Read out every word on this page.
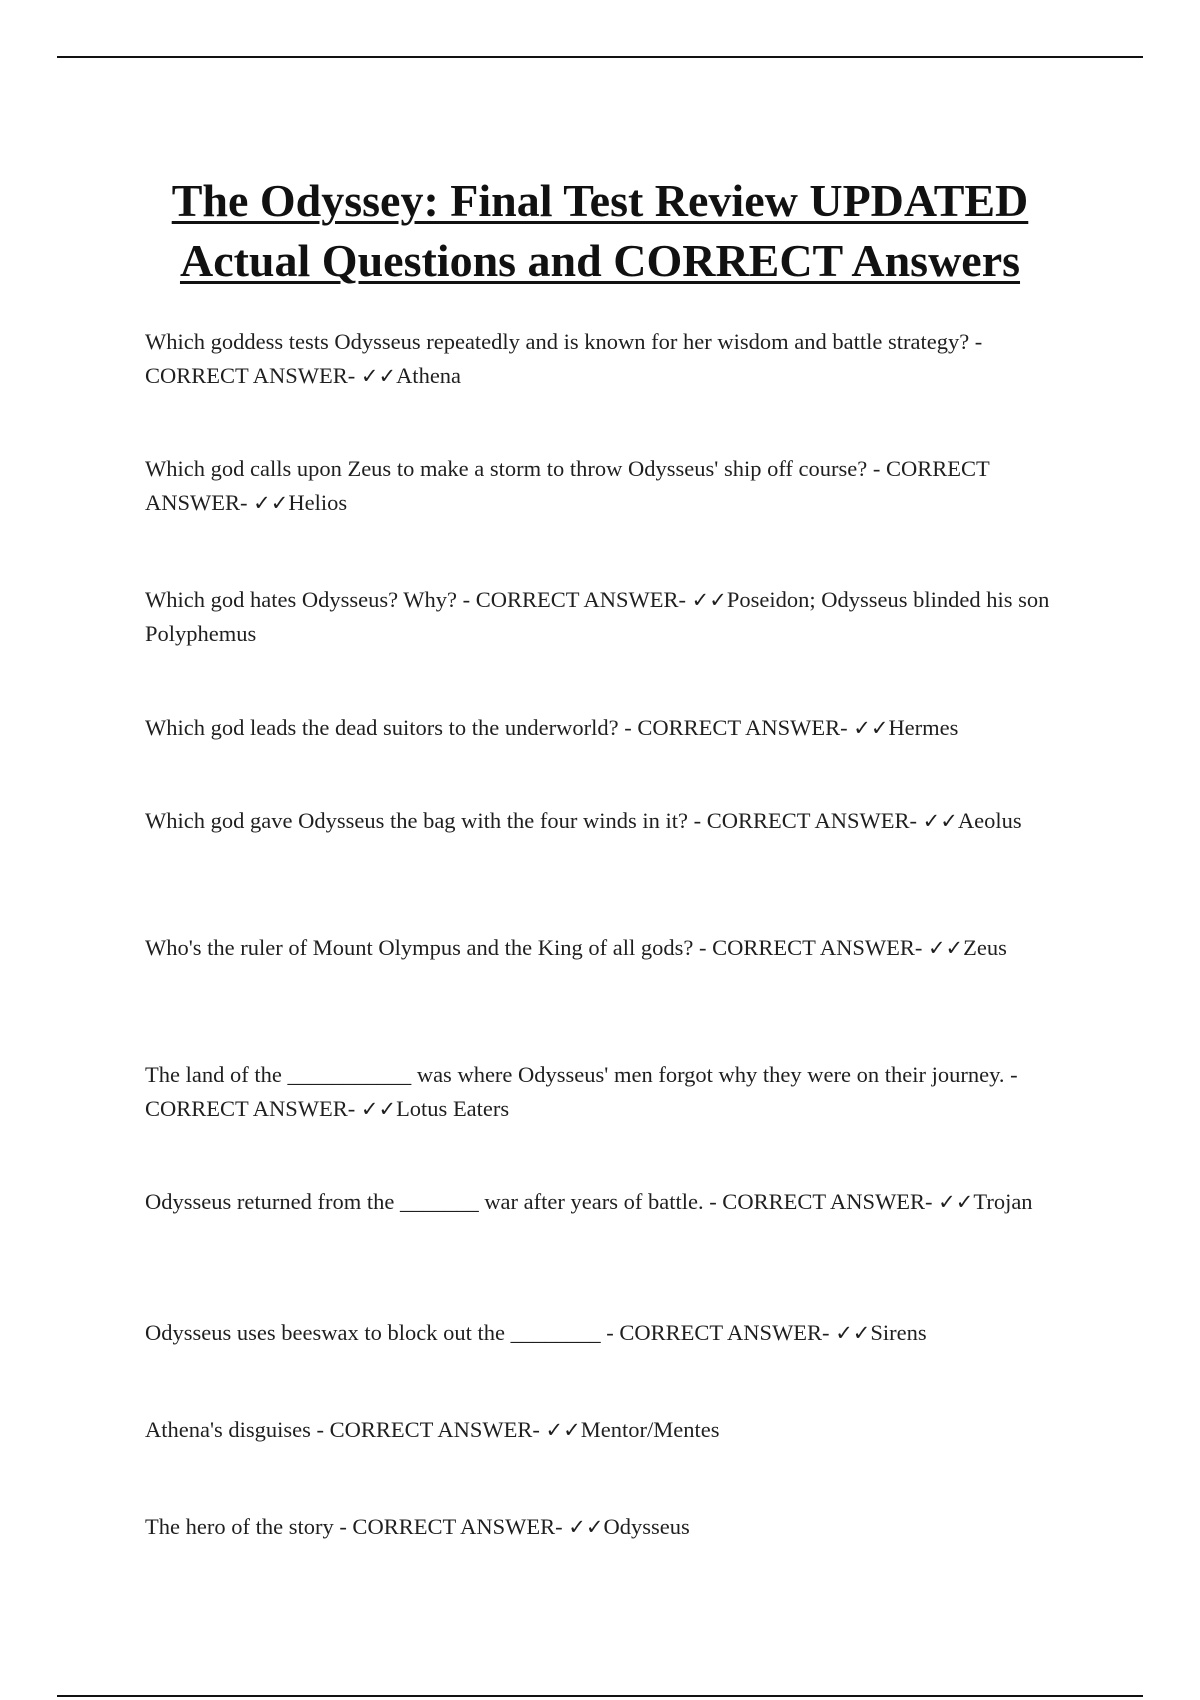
The Odyssey: Final Test Review UPDATED
Actual Questions and CORRECT Answers

Which goddess tests Odysseus repeatedly and is known for her wisdom and battle strategy? - CORRECT ANSWER- ✓✓Athena

Which god calls upon Zeus to make a storm to throw Odysseus' ship off course? - CORRECT ANSWER- ✓✓Helios

Which god hates Odysseus? Why? - CORRECT ANSWER- ✓✓Poseidon; Odysseus blinded his son Polyphemus

Which god leads the dead suitors to the underworld? - CORRECT ANSWER- ✓✓Hermes

Which god gave Odysseus the bag with the four winds in it? - CORRECT ANSWER- ✓✓Aeolus

Who's the ruler of Mount Olympus and the King of all gods? - CORRECT ANSWER- ✓✓Zeus

The land of the ___________ was where Odysseus' men forgot why they were on their journey. - CORRECT ANSWER- ✓✓Lotus Eaters

Odysseus returned from the _______ war after years of battle. - CORRECT ANSWER- ✓✓Trojan

Odysseus uses beeswax to block out the ________ - CORRECT ANSWER- ✓✓Sirens

Athena's disguises - CORRECT ANSWER- ✓✓Mentor/Mentes

The hero of the story - CORRECT ANSWER- ✓✓Odysseus
